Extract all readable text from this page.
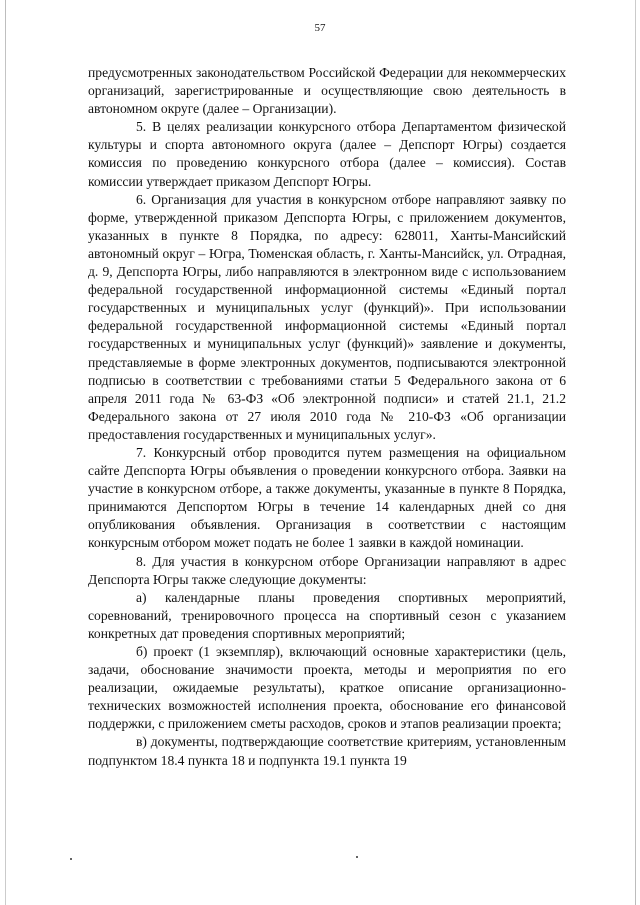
57

предусмотренных законодательством Российской Федерации для некоммерческих организаций, зарегистрированные и осуществляющие свою деятельность в автономном округе (далее – Организации).

5. В целях реализации конкурсного отбора Департаментом физической культуры и спорта автономного округа (далее – Депспорт Югры) создается комиссия по проведению конкурсного отбора (далее – комиссия). Состав комиссии утверждает приказом Депспорт Югры.

6. Организация для участия в конкурсном отборе направляют заявку по форме, утвержденной приказом Депспорта Югры, с приложением документов, указанных в пункте 8 Порядка, по адресу: 628011, Ханты-Мансийский автономный округ – Югра, Тюменская область, г. Ханты-Мансийск, ул. Отрадная, д. 9, Депспорта Югры, либо направляются в электронном виде с использованием федеральной государственной информационной системы «Единый портал государственных и муниципальных услуг (функций)». При использовании федеральной государственной информационной системы «Единый портал государственных и муниципальных услуг (функций)» заявление и документы, представляемые в форме электронных документов, подписываются электронной подписью в соответствии с требованиями статьи 5 Федерального закона от 6 апреля 2011 года № 63-ФЗ «Об электронной подписи» и статей 21.1, 21.2 Федерального закона от 27 июля 2010 года № 210-ФЗ «Об организации предоставления государственных и муниципальных услуг».

7. Конкурсный отбор проводится путем размещения на официальном сайте Депспорта Югры объявления о проведении конкурсного отбора. Заявки на участие в конкурсном отборе, а также документы, указанные в пункте 8 Порядка, принимаются Депспортом Югры в течение 14 календарных дней со дня опубликования объявления. Организация в соответствии с настоящим конкурсным отбором может подать не более 1 заявки в каждой номинации.

8. Для участия в конкурсном отборе Организации направляют в адрес Депспорта Югры также следующие документы:

а) календарные планы проведения спортивных мероприятий, соревнований, тренировочного процесса на спортивный сезон с указанием конкретных дат проведения спортивных мероприятий;

б) проект (1 экземпляр), включающий основные характеристики (цель, задачи, обоснование значимости проекта, методы и мероприятия по его реализации, ожидаемые результаты), краткое описание организационно-технических возможностей исполнения проекта, обоснование его финансовой поддержки, с приложением сметы расходов, сроков и этапов реализации проекта;

в) документы, подтверждающие соответствие критериям, установленным подпунктом 18.4 пункта 18 и подпункта 19.1 пункта 19
